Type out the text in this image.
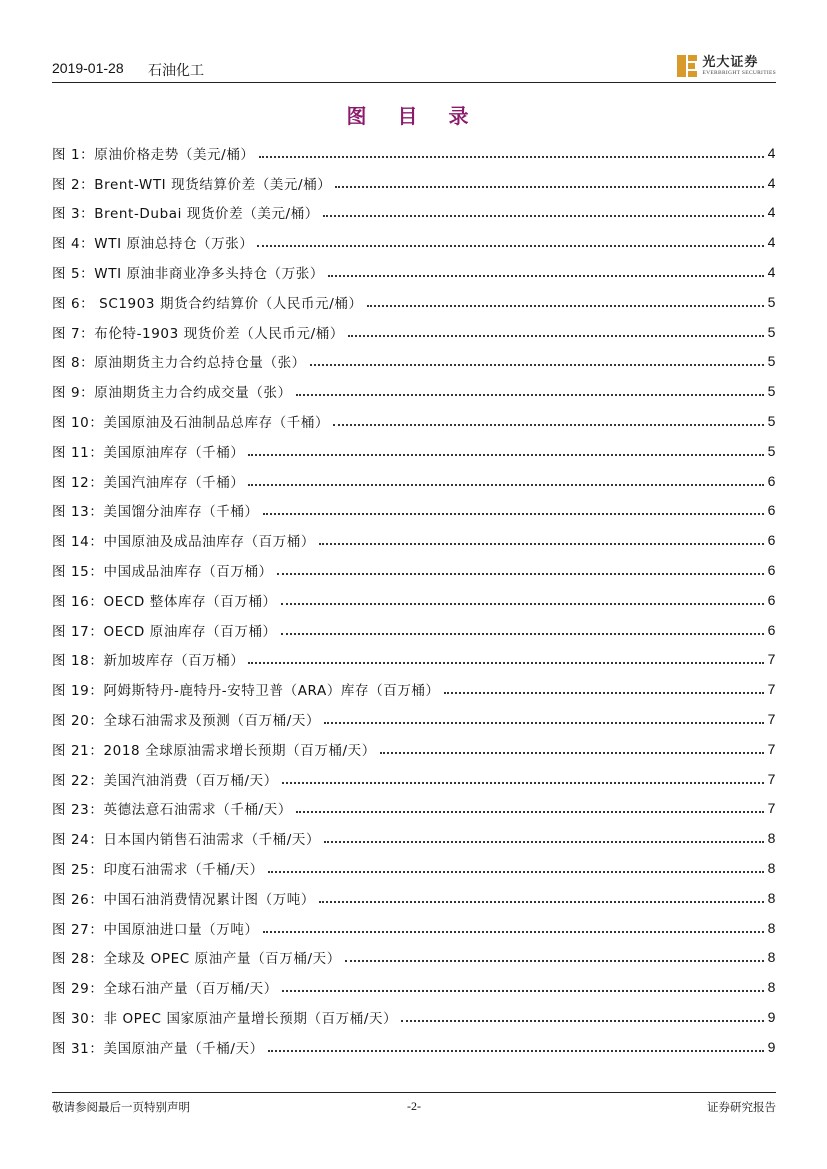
2019-01-28 石油化工
光大证券
EVERBRIGHT SECURITIES
图 目 录
图 1：原油价格走势（美元/桶）	4
图 2：Brent-WTI 现货结算价差（美元/桶）	4
图 3：Brent-Dubai 现货价差（美元/桶）	4
图 4：WTI 原油总持仓（万张）	4
图 5：WTI 原油非商业净多头持仓（万张）	4
图 6： SC1903 期货合约结算价（人民币元/桶）	5
图 7：布伦特-1903 现货价差（人民币元/桶）	5
图 8：原油期货主力合约总持仓量（张）	5
图 9：原油期货主力合约成交量（张）	5
图 10：美国原油及石油制品总库存（千桶）	5
图 11：美国原油库存（千桶）	5
图 12：美国汽油库存（千桶）	6
图 13：美国馏分油库存（千桶）	6
图 14：中国原油及成品油库存（百万桶）	6
图 15：中国成品油库存（百万桶）	6
图 16：OECD 整体库存（百万桶）	6
图 17：OECD 原油库存（百万桶）	6
图 18：新加坡库存（百万桶）	7
图 19：阿姆斯特丹-鹿特丹-安特卫普（ARA）库存（百万桶）	7
图 20：全球石油需求及预测（百万桶/天）	7
图 21：2018 全球原油需求增长预期（百万桶/天）	7
图 22：美国汽油消费（百万桶/天）	7
图 23：英德法意石油需求（千桶/天）	7
图 24：日本国内销售石油需求（千桶/天）	8
图 25：印度石油需求（千桶/天）	8
图 26：中国石油消费情况累计图（万吨）	8
图 27：中国原油进口量（万吨）	8
图 28：全球及 OPEC 原油产量（百万桶/天）	8
图 29：全球石油产量（百万桶/天）	8
图 30：非 OPEC 国家原油产量增长预期（百万桶/天）	9
图 31：美国原油产量（千桶/天）	9
敬请参阅最后一页特别声明	-2-	证券研究报告
